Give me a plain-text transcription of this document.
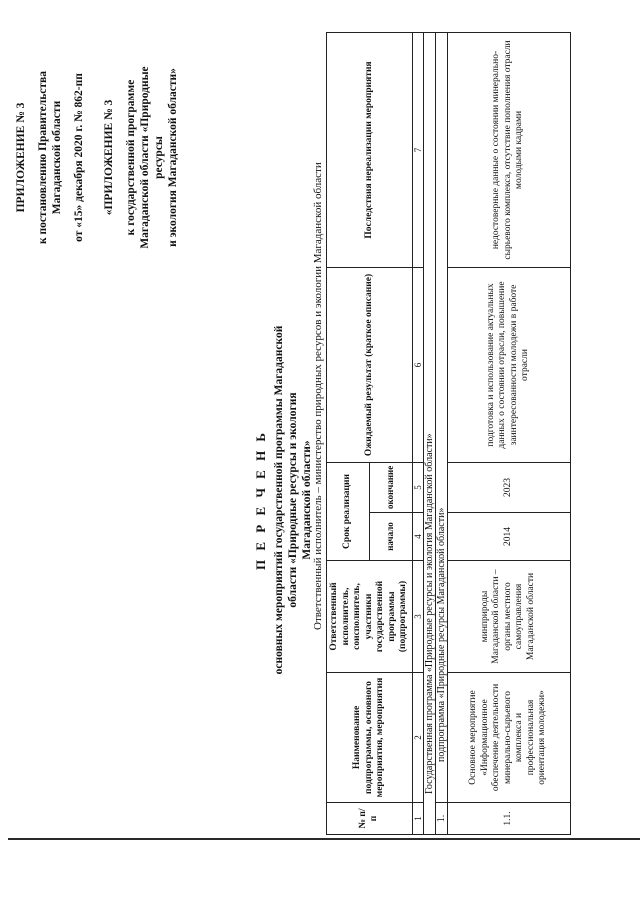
ПРИЛОЖЕНИЕ № 3 к постановлению Правительства Магаданской области от «15» декабря 2020 г. № 862-пп «ПРИЛОЖЕНИЕ № 3 к государственной программе Магаданской области «Природные ресурсы и экология Магаданской области»
П Е Р Е Ч Е Н Ь основных мероприятий государственной программы Магаданской области «Природные ресурсы и экология Магаданской области» Ответственный исполнитель – министерство природных ресурсов и экологии Магаданской области
№ п/п	Наименование подпрограммы, основного мероприятия, мероприятия	Ответственный исполнитель, соисполнитель, участники государственной программы (подпрограммы)	Срок реализации		Ожидаемый результат (краткое описание)	Последствия нереализации мероприятия
			начало	окончание		
1	2	3	4	5	6	7
Государственная программа «Природные ресурсы и экология Магаданской области»						
1.	подпрограмма «Природные ресурсы Магаданской области»					
1.1.	Основное мероприятие «Информационное обеспечение деятельности минерально-сырьевого комплекса и профессиональная ориентация молодежи»	минприроды Магаданской области – органы местного самоуправления Магаданской области	2014	2023	подготовка и использование актуальных данных о состоянии отрасли, повышение заинтересованности молодежи в работе отрасли	недостоверные данные о состоянии минерально-сырьевого комплекса, отсутствие пополнения отрасли молодыми кадрами
